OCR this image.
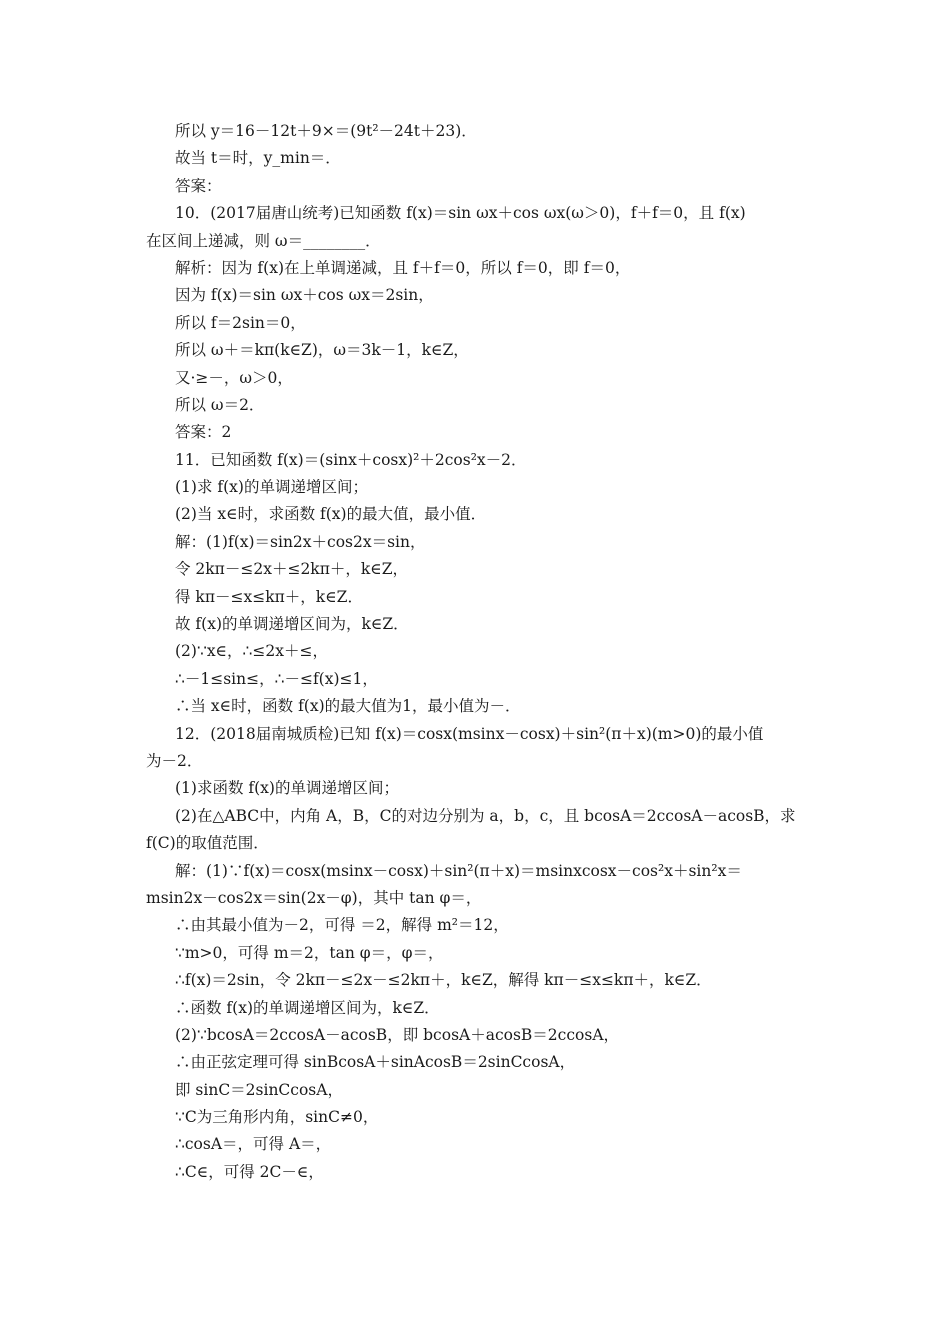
所以 y＝16－12t＋9×＝(9t²－24t＋23)．
故当 t＝时，y_min＝．
答案：
10．(2017届唐山统考)已知函数 f(x)＝sin ωx＋cos ωx(ω＞0)，f＋f＝0，且 f(x)
在区间上递减，则 ω＝________．
解析：因为 f(x)在上单调递减，且 f＋f＝0，所以 f＝0，即 f＝0，
因为 f(x)＝sin ωx＋cos ωx＝2sin，
所以 f＝2sin＝0，
所以 ω＋＝kπ(k∈Z)，ω＝3k－1，k∈Z，
又·≥－，ω＞0，
所以 ω＝2．
答案：2
11．已知函数 f(x)＝(sinx＋cosx)²＋2cos²x－2．
(1)求 f(x)的单调递增区间；
(2)当 x∈时，求函数 f(x)的最大值，最小值．
解：(1)f(x)＝sin2x＋cos2x＝sin，
令 2kπ－≤2x＋≤2kπ＋，k∈Z，
得 kπ－≤x≤kπ＋，k∈Z．
故 f(x)的单调递增区间为，k∈Z．
(2)∵x∈，∴≤2x＋≤，
∴－1≤sin≤，∴－≤f(x)≤1，
∴当 x∈时，函数 f(x)的最大值为1，最小值为－．
12．(2018届南城质检)已知 f(x)＝cosx(msinx－cosx)＋sin²(π＋x)(m>0)的最小值
为－2．
(1)求函数 f(x)的单调递增区间；
(2)在△ABC中，内角 A，B，C的对边分别为 a，b，c，且 bcosA＝2ccosA－acosB，求
f(C)的取值范围．
解：(1)∵f(x)＝cosx(msinx－cosx)＋sin²(π＋x)＝msinxcosx－cos²x＋sin²x＝
msin2x－cos2x＝sin(2x－φ)，其中 tan φ＝，
∴由其最小值为－2，可得 ＝2，解得 m²＝12，
∵m>0，可得 m＝2，tan φ＝，φ＝，
∴f(x)＝2sin，令 2kπ－≤2x－≤2kπ＋，k∈Z，解得 kπ－≤x≤kπ＋，k∈Z．
∴函数 f(x)的单调递增区间为，k∈Z．
(2)∵bcosA＝2ccosA－acosB，即 bcosA＋acosB＝2ccosA，
∴由正弦定理可得 sinBcosA＋sinAcosB＝2sinCcosA，
即 sinC＝2sinCcosA，
∵C为三角形内角，sinC≠0，
∴cosA＝，可得 A＝，
∴C∈，可得 2C－∈，
